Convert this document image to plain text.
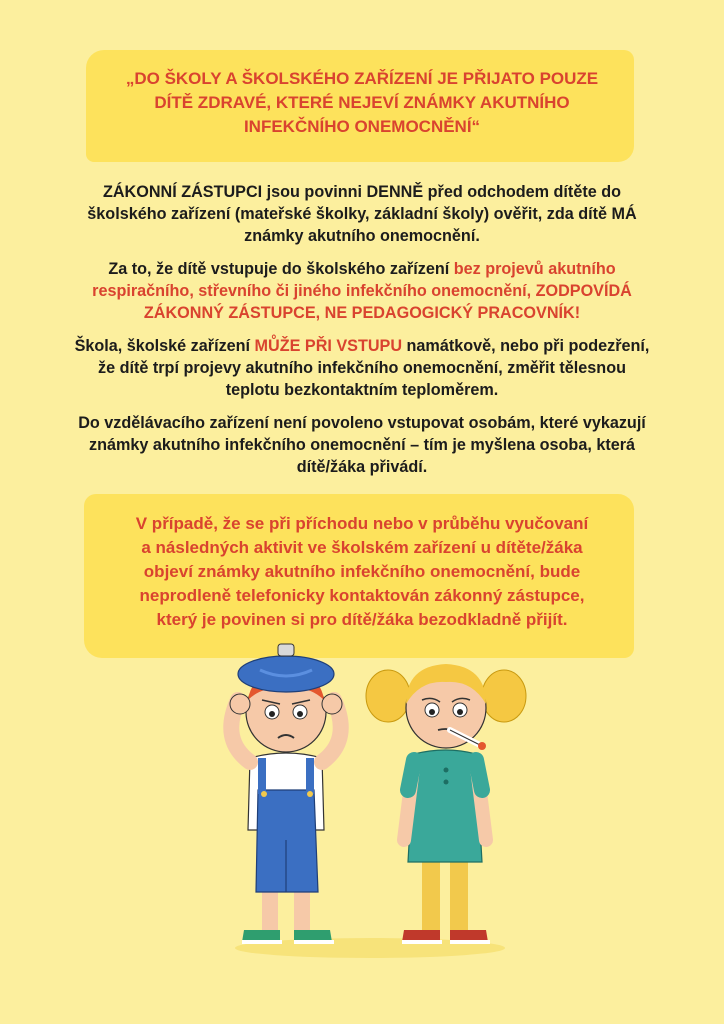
„DO ŠKOLY A ŠKOLSKÉHO ZAŘÍZENÍ JE PŘIJATO POUZE
DÍTĚ ZDRAVÉ, KTERÉ NEJEVÍ ZNÁMKY AKUTNÍHO
INFEKČNÍHO ONEMOCNĚNÍ“

ZÁKONNÍ ZÁSTUPCI jsou povinni DENNĚ před odchodem dítěte do
školského zařízení (mateřské školky, základní školy) ověřit, zda dítě MÁ
známky akutního onemocnění.

Za to, že dítě vstupuje do školského zařízení bez projevů akutního
respiračního, střevního či jiného infekčního onemocnění, ZODPOVÍDÁ
ZÁKONNÝ ZÁSTUPCE, NE PEDAGOGICKÝ PRACOVNÍK!

Škola, školské zařízení MŮŽE PŘI VSTUPU namátkově, nebo při podezření,
že dítě trpí projevy akutního infekčního onemocnění, změřit tělesnou
teplotu bezkontaktním teploměrem.

Do vzdělávacího zařízení není povoleno vstupovat osobám, které vykazují
známky akutního infekčního onemocnění – tím je myšlena osoba, která
dítě/žáka přivádí.

V případě, že se při příchodu nebo v průběhu vyučovaní
a následných aktivit ve školském zařízení u dítěte/žáka
objeví známky akutního infekčního onemocnění, bude
neprodleně telefonicky kontaktován zákonný zástupce,
který je povinen si pro dítě/žáka bezodkladně přijít.
